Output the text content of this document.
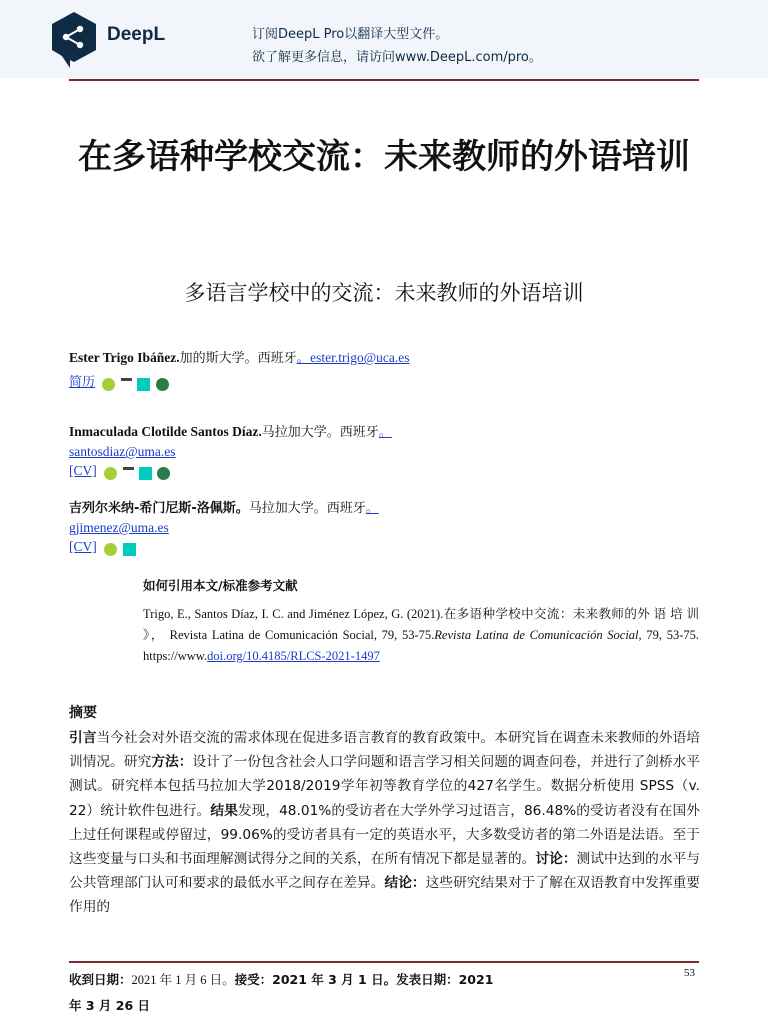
DeepL	订阅DeepL Pro以翻译大型文件。
欲了解更多信息，请访问www.DeepL.com/pro。
在多语种学校交流：未来教师的外语培训
多语言学校中的交流：未来教师的外语培训
Ester Trigo Ibáñez.加的斯大学。西班牙。ester.trigo@uca.es
简历
Inmaculada Clotilde Santos Díaz.马拉加大学。西班牙。
santosdiaz@uma.es
[CV]
吉列尔米纳-希门尼斯-洛佩斯。马拉加大学。西班牙。
gjimenez@uma.es
[CV]
如何引用本文/标准参考文献
Trigo, E., Santos Díaz, I. C. and Jiménez López, G. (2021).在多语种学校中交流：未来教师的外 语 培 训 》， Revista Latina de Comunicación Social, 79, 53-75.Revista Latina de Comunicación Social, 79, 53-75. https://www.doi.org/10.4185/RLCS-2021-1497
摘要
引言当今社会对外语交流的需求体现在促进多语言教育的教育政策中。本研究旨在调查未来教师的外语培训情况。研究方法：设计了一份包含社会人口学问题和语言学习相关问题的调查问卷，并进行了剑桥水平测试。研究样本包括马拉加大学2018/2019学年初等教育学位的427名学生。数据分析使用 SPSS（v. 22）统计软件包进行。结果发现，48.01%的受访者在大学外学习过语言，86.48%的受访者没有在国外上过任何课程或停留过，99.06%的受访者具有一定的英语水平，大多数受访者的第二外语是法语。至于这些变量与口头和书面理解测试得分之间的关系，在所有情况下都是显著的。讨论：测试中达到的水平与公共管理部门认可和要求的最低水平之间存在差异。结论：这些研究结果对于了解在双语教育中发挥重要作用的
收到日期：2021 年 1 月 6 日。接受：2021 年 3 月 1 日。发表日期：2021 年 3 月 26 日
53
